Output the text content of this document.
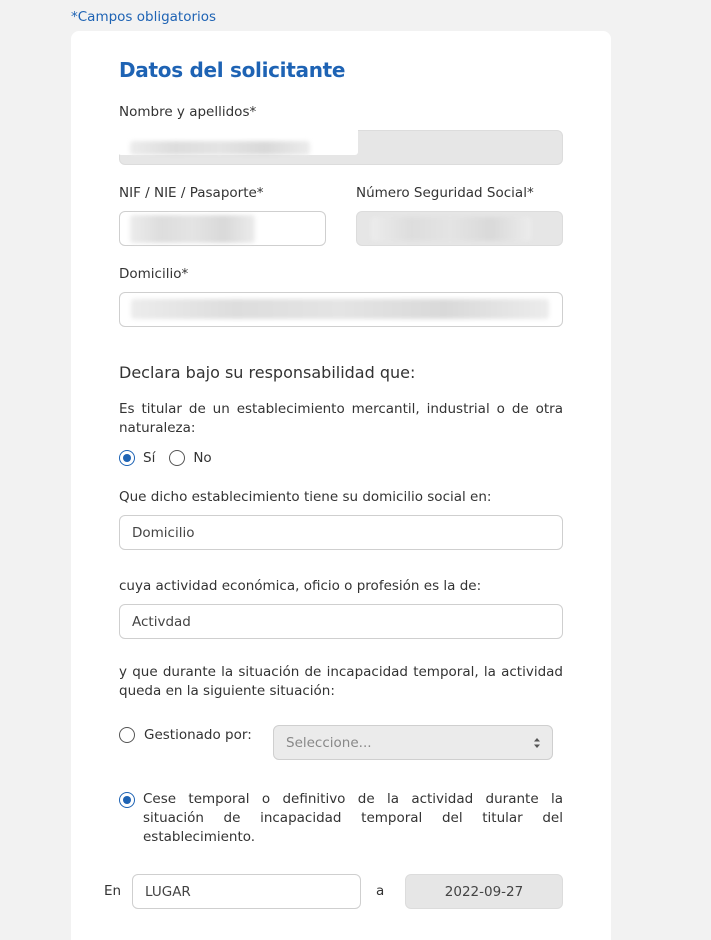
*Campos obligatorios
Datos del solicitante
Nombre y apellidos*
NIF / NIE / Pasaporte*	Número Seguridad Social*
Domicilio*
Declara bajo su responsabilidad que:
Es titular de un establecimiento mercantil, industrial o de otra naturaleza:
Sí	No
Que dicho establecimiento tiene su domicilio social en:
Domicilio
cuya actividad económica, oficio o profesión es la de:
Activdad
y que durante la situación de incapacidad temporal, la actividad queda en la siguiente situación:
Gestionado por:	Seleccione...
Cese temporal o definitivo de la actividad durante la situación de incapacidad temporal del titular del establecimiento.
En	LUGAR	a	2022-09-27
